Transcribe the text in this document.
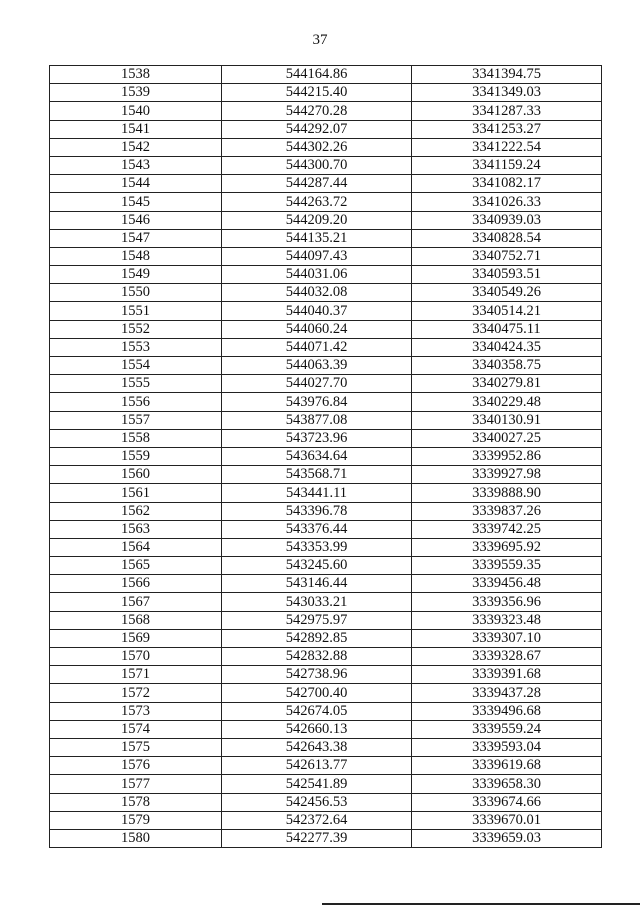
37
1538	544164.86	3341394.75
1539	544215.40	3341349.03
1540	544270.28	3341287.33
1541	544292.07	3341253.27
1542	544302.26	3341222.54
1543	544300.70	3341159.24
1544	544287.44	3341082.17
1545	544263.72	3341026.33
1546	544209.20	3340939.03
1547	544135.21	3340828.54
1548	544097.43	3340752.71
1549	544031.06	3340593.51
1550	544032.08	3340549.26
1551	544040.37	3340514.21
1552	544060.24	3340475.11
1553	544071.42	3340424.35
1554	544063.39	3340358.75
1555	544027.70	3340279.81
1556	543976.84	3340229.48
1557	543877.08	3340130.91
1558	543723.96	3340027.25
1559	543634.64	3339952.86
1560	543568.71	3339927.98
1561	543441.11	3339888.90
1562	543396.78	3339837.26
1563	543376.44	3339742.25
1564	543353.99	3339695.92
1565	543245.60	3339559.35
1566	543146.44	3339456.48
1567	543033.21	3339356.96
1568	542975.97	3339323.48
1569	542892.85	3339307.10
1570	542832.88	3339328.67
1571	542738.96	3339391.68
1572	542700.40	3339437.28
1573	542674.05	3339496.68
1574	542660.13	3339559.24
1575	542643.38	3339593.04
1576	542613.77	3339619.68
1577	542541.89	3339658.30
1578	542456.53	3339674.66
1579	542372.64	3339670.01
1580	542277.39	3339659.03
